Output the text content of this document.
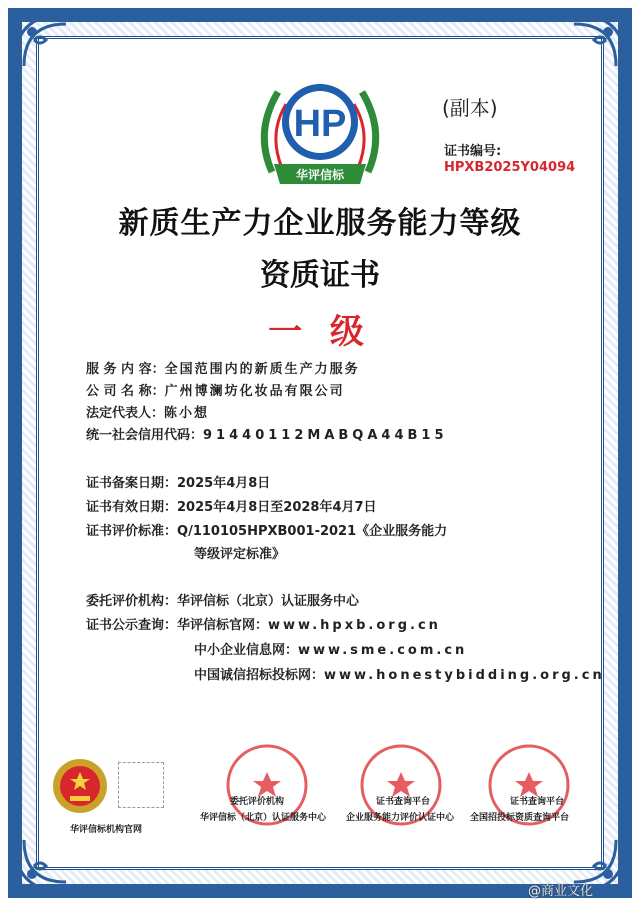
HP
华评信标
(副本)
证书编号:
HPXB2025Y04094
新质生产力企业服务能力等级
资质证书
一 级
服 务 内 容：全国范围内的新质生产力服务
公 司 名 称：广州博澜坊化妆品有限公司
法定代表人：陈小想
统一社会信用代码：91440112MABQA44B15
证书备案日期：2025年4月8日
证书有效日期：2025年4月8日至2028年4月7日
证书评价标准：Q/110105HPXB001-2021《企业服务能力
等级评定标准》
委托评价机构：华评信标（北京）认证服务中心
证书公示查询：华评信标官网：www.hpxb.org.cn
中小企业信息网：www.sme.com.cn
中国诚信招标投标网：www.honestybidding.org.cn
华评信标机构官网
委托评价机构
华评信标（北京）认证服务中心
证书查询平台
企业服务能力评价认证中心
证书查询平台
全国招投标资质查询平台
@商业文化
